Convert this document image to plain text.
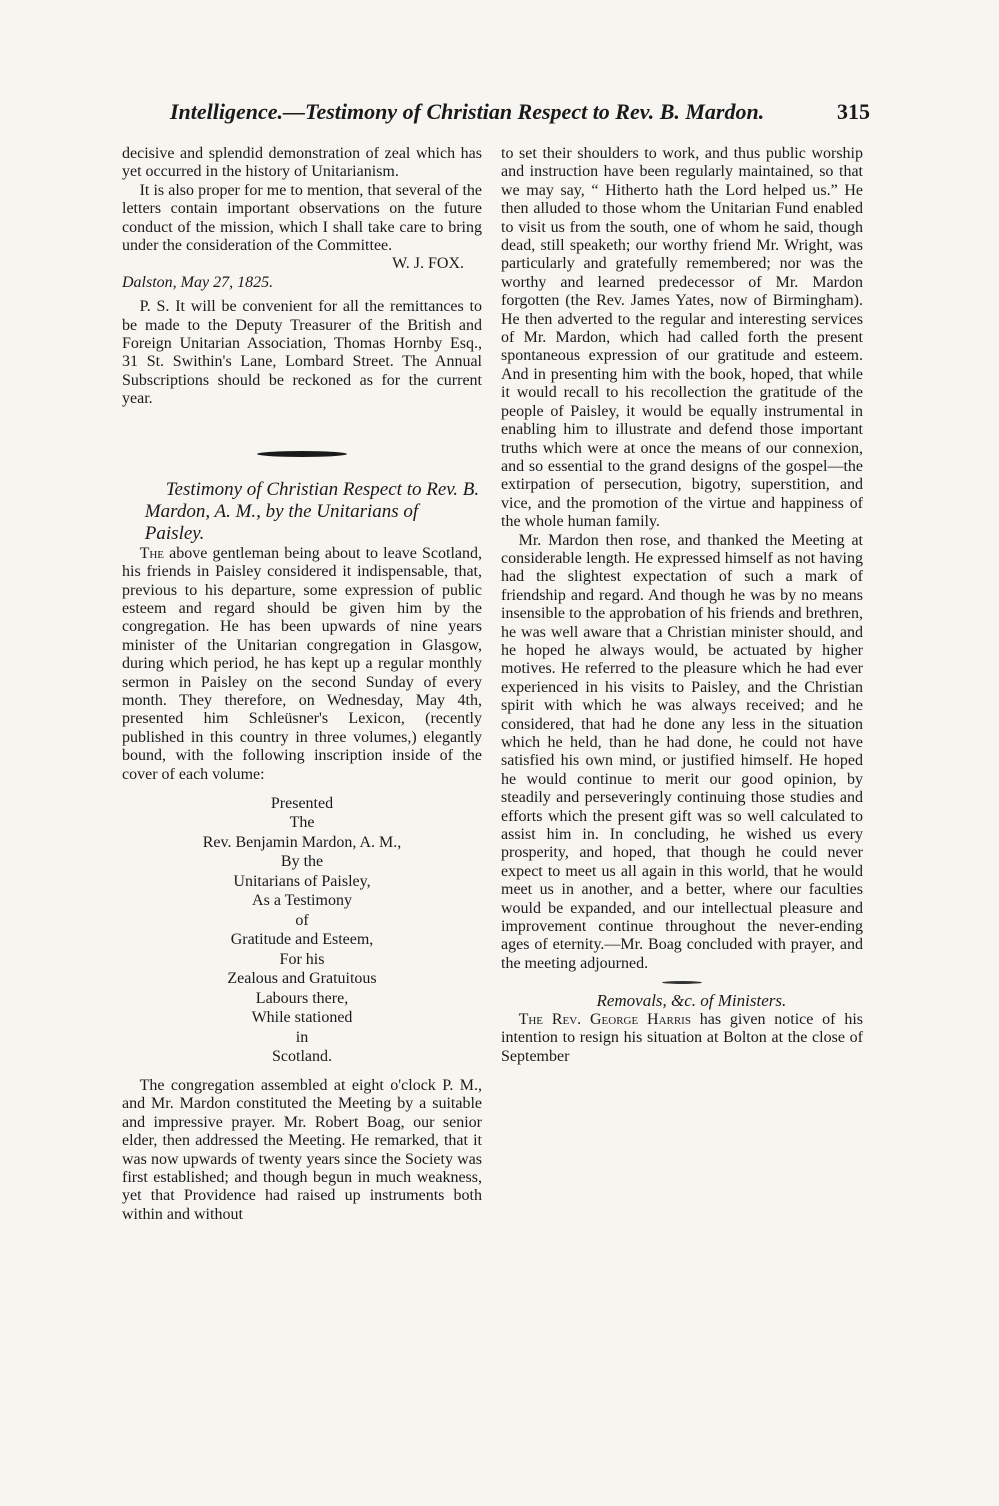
Intelligence.—Testimony of Christian Respect to Rev. B. Mardon.	315

decisive and splendid demonstration of zeal which has yet occurred in the history of Unitarianism.

It is also proper for me to mention, that several of the letters contain important observations on the future conduct of the mission, which I shall take care to bring under the consideration of the Committee.

W. J. FOX.

Dalston, May 27, 1825.

P. S. It will be convenient for all the remittances to be made to the Deputy Treasurer of the British and Foreign Unitarian Association, Thomas Hornby Esq., 31 St. Swithin's Lane, Lombard Street. The Annual Subscriptions should be reckoned as for the current year.

Testimony of Christian Respect to Rev. B. Mardon, A. M., by the Unitarians of Paisley.

The above gentleman being about to leave Scotland, his friends in Paisley considered it indispensable, that, previous to his departure, some expression of public esteem and regard should be given him by the congregation. He has been upwards of nine years minister of the Unitarian congregation in Glasgow, during which period, he has kept up a regular monthly sermon in Paisley on the second Sunday of every month. They therefore, on Wednesday, May 4th, presented him Schleüsner's Lexicon, (recently published in this country in three volumes,) elegantly bound, with the following inscription inside of the cover of each volume:

Presented
The
Rev. Benjamin Mardon, A. M.,
By the
Unitarians of Paisley,
As a Testimony
of
Gratitude and Esteem,
For his
Zealous and Gratuitous
Labours there,
While stationed
in
Scotland.

The congregation assembled at eight o'clock P. M., and Mr. Mardon constituted the Meeting by a suitable and impressive prayer. Mr. Robert Boag, our senior elder, then addressed the Meeting. He remarked, that it was now upwards of twenty years since the Society was first established; and though begun in much weakness, yet that Providence had raised up instruments both within and without

to set their shoulders to work, and thus public worship and instruction have been regularly maintained, so that we may say, “ Hitherto hath the Lord helped us.” He then alluded to those whom the Unitarian Fund enabled to visit us from the south, one of whom he said, though dead, still speaketh; our worthy friend Mr. Wright, was particularly and gratefully remembered; nor was the worthy and learned predecessor of Mr. Mardon forgotten (the Rev. James Yates, now of Birmingham). He then adverted to the regular and interesting services of Mr. Mardon, which had called forth the present spontaneous expression of our gratitude and esteem. And in presenting him with the book, hoped, that while it would recall to his recollection the gratitude of the people of Paisley, it would be equally instrumental in enabling him to illustrate and defend those important truths which were at once the means of our connexion, and so essential to the grand designs of the gospel—the extirpation of persecution, bigotry, superstition, and vice, and the promotion of the virtue and happiness of the whole human family.

Mr. Mardon then rose, and thanked the Meeting at considerable length. He expressed himself as not having had the slightest expectation of such a mark of friendship and regard. And though he was by no means insensible to the approbation of his friends and brethren, he was well aware that a Christian minister should, and he hoped he always would, be actuated by higher motives. He referred to the pleasure which he had ever experienced in his visits to Paisley, and the Christian spirit with which he was always received; and he considered, that had he done any less in the situation which he held, than he had done, he could not have satisfied his own mind, or justified himself. He hoped he would continue to merit our good opinion, by steadily and perseveringly continuing those studies and efforts which the present gift was so well calculated to assist him in. In concluding, he wished us every prosperity, and hoped, that though he could never expect to meet us all again in this world, that he would meet us in another, and a better, where our faculties would be expanded, and our intellectual pleasure and improvement continue throughout the never-ending ages of eternity.—Mr. Boag concluded with prayer, and the meeting adjourned.

Removals, &c. of Ministers.

The Rev. George Harris has given notice of his intention to resign his situation at Bolton at the close of September
